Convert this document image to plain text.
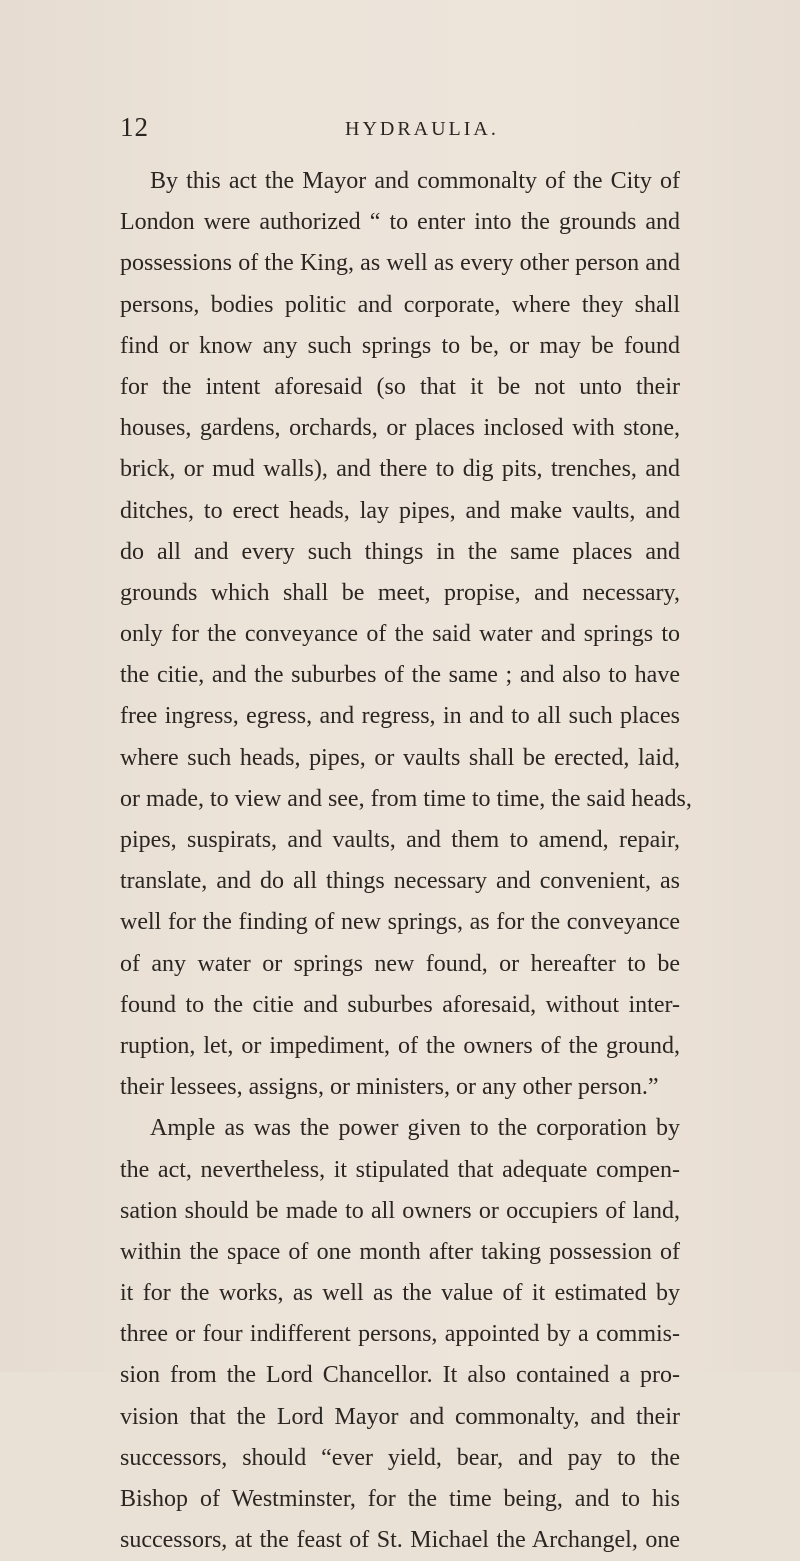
12	HYDRAULIA.
By this act the Mayor and commonalty of the City of
London were authorized “ to enter into the grounds and
possessions of the King, as well as every other person and
persons, bodies politic and corporate, where they shall
find or know any such springs to be, or may be found
for the intent aforesaid (so that it be not unto their
houses, gardens, orchards, or places inclosed with stone,
brick, or mud walls), and there to dig pits, trenches, and
ditches, to erect heads, lay pipes, and make vaults, and
do all and every such things in the same places and
grounds which shall be meet, propise, and necessary,
only for the conveyance of the said water and springs to
the citie, and the suburbes of the same ; and also to have
free ingress, egress, and regress, in and to all such places
where such heads, pipes, or vaults shall be erected, laid,
or made, to view and see, from time to time, the said heads,
pipes, suspirats, and vaults, and them to amend, repair,
translate, and do all things necessary and convenient, as
well for the finding of new springs, as for the conveyance
of any water or springs new found, or hereafter to be
found to the citie and suburbes aforesaid, without inter-
ruption, let, or impediment, of the owners of the ground,
their lessees, assigns, or ministers, or any other person.”
Ample as was the power given to the corporation by
the act, nevertheless, it stipulated that adequate compen-
sation should be made to all owners or occupiers of land,
within the space of one month after taking possession of
it for the works, as well as the value of it estimated by
three or four indifferent persons, appointed by a commis-
sion from the Lord Chancellor. It also contained a pro-
vision that the Lord Mayor and commonalty, and their
successors, should “ever yield, bear, and pay to the
Bishop of Westminster, for the time being, and to his
successors, at the feast of St. Michael the Archangel, one
